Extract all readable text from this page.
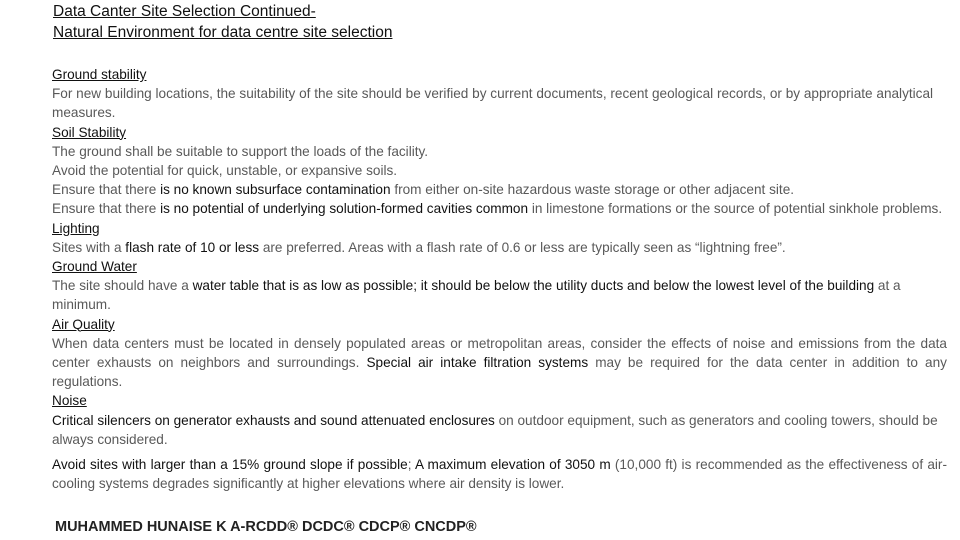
Data Canter Site Selection Continued-
Natural Environment for data centre site selection
Ground stability
For new building locations, the suitability of the site should be verified by current documents, recent geological records, or by appropriate analytical measures.
Soil Stability
The ground shall be suitable to support the loads of the facility.
Avoid the potential for quick, unstable, or expansive soils.
Ensure that there is no known subsurface contamination from either on-site hazardous waste storage or other adjacent site.
Ensure that there is no potential of underlying solution-formed cavities common in limestone formations or the source of potential sinkhole problems.
Lighting
Sites with a flash rate of 10 or less are preferred. Areas with a flash rate of 0.6 or less are typically seen as “lightning free”.
Ground Water
The site should have a water table that is as low as possible; it should be below the utility ducts and below the lowest level of the building at a minimum.
Air Quality
When data centers must be located in densely populated areas or metropolitan areas, consider the effects of noise and emissions from the data center exhausts on neighbors and surroundings. Special air intake filtration systems may be required for the data center in addition to any regulations.
Noise
Critical silencers on generator exhausts and sound attenuated enclosures on outdoor equipment, such as generators and cooling towers, should be always considered.
Avoid sites with larger than a 15% ground slope if possible; A maximum elevation of 3050 m (10,000 ft) is recommended as the effectiveness of air-cooling systems degrades significantly at higher elevations where air density is lower.
MUHAMMED HUNAISE K A-RCDD® DCDC® CDCP® CNCDP®
